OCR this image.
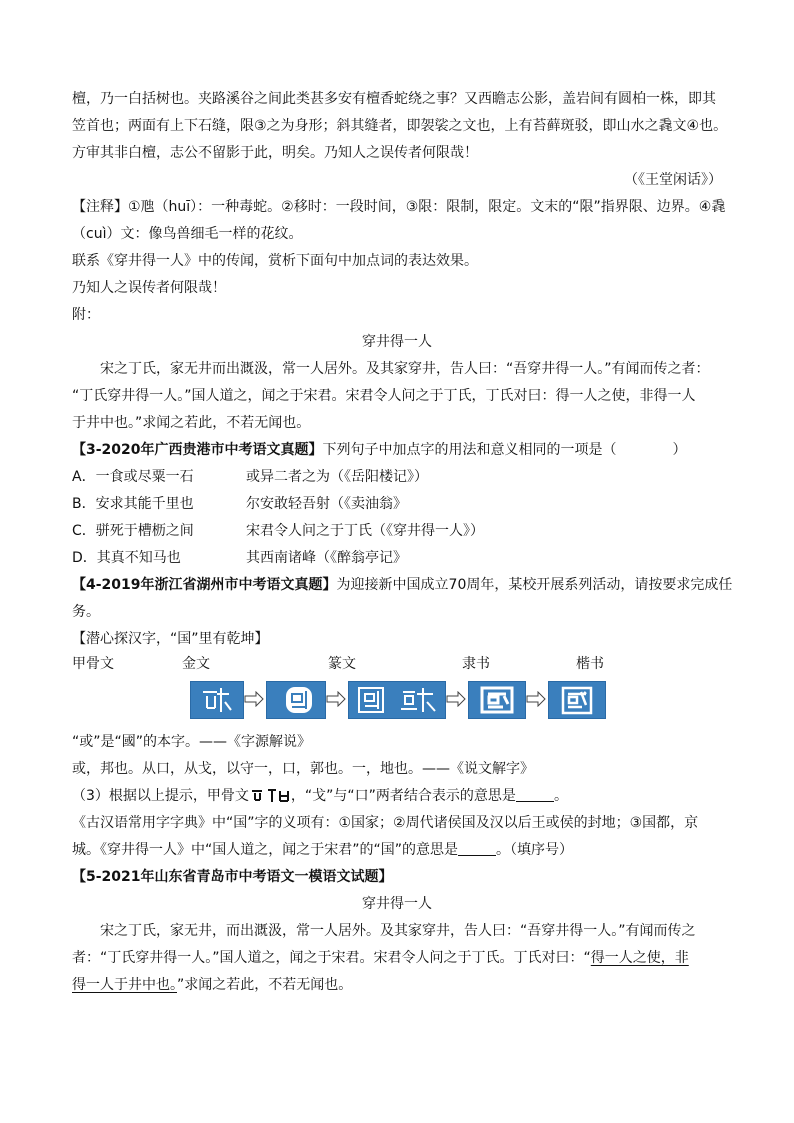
檀，乃一白括树也。夹路溪谷之间此类甚多安有檀香蛇绕之事？又西瞻志公影，盖岩间有圆柏一株，即其

笠首也；两面有上下石缝，限③之为身形；斜其缝者，即袈裟之文也，上有苔藓斑驳，即山水之毳文④也。

方审其非白檀，志公不留影于此，明矣。乃知人之误传者何限哉！

（《王堂闲话》）

【注释】①虺（huī）：一种毒蛇。②移时：一段时间，③限：限制，限定。文末的“限”指界限、边界。④毳

（cuì）文：像鸟兽细毛一样的花纹。

联系《穿井得一人》中的传闻，赏析下面句中加点词的表达效果。

乃知人之误传者何限哉！

附：

穿井得一人

宋之丁氏，家无井而出溉汲，常一人居外。及其家穿井，告人曰：“吾穿井得一人。”有闻而传之者：

“丁氏穿井得一人。”国人道之，闻之于宋君。宋君令人问之于丁氏，丁氏对曰：得一人之使，非得一人

于井中也。”求闻之若此，不若无闻也。

【3-2020年广西贵港市中考语文真题】下列句子中加点字的用法和意义相同的一项是（	）

A．一食或尽粟一石	或异二者之为（《岳阳楼记》）
B．安求其能千里也	尔安敢轻吾射（《卖油翁》
C．骈死于槽枥之间	宋君令人问之于丁氏（《穿井得一人》）
D．其真不知马也	其西南诸峰（《醉翁亭记》

【4-2019年浙江省湖州市中考语文真题】为迎接新中国成立70周年，某校开展系列活动，请按要求完成任

务。

【潜心探汉字，“国”里有乾坤】

甲骨文	金文	篆文	隶书	楷书

“或”是“國”的本字。——《字源解说》

或，邦也。从口，从戈，以守一，口，郭也。一，地也。——《说文解字》

（3）根据以上提示，甲骨文	，“戈”与“口”两者结合表示的意思是	。

《古汉语常用字字典》中“国”字的义项有：①国家；②周代诸侯国及汉以后王或侯的封地；③国都，京

城。《穿井得一人》中“国人道之，闻之于宋君”的“国”的意思是	。（填序号）

【5-2021年山东省青岛市中考语文一模语文试题】

穿井得一人

宋之丁氏，家无井，而出溉汲，常一人居外。及其家穿井，告人曰：“吾穿井得一人。”有闻而传之

者：“丁氏穿井得一人。”国人道之，闻之于宋君。宋君令人问之于丁氏。丁氏对曰：“得一人之使，非

得一人于井中也。”求闻之若此，不若无闻也。
